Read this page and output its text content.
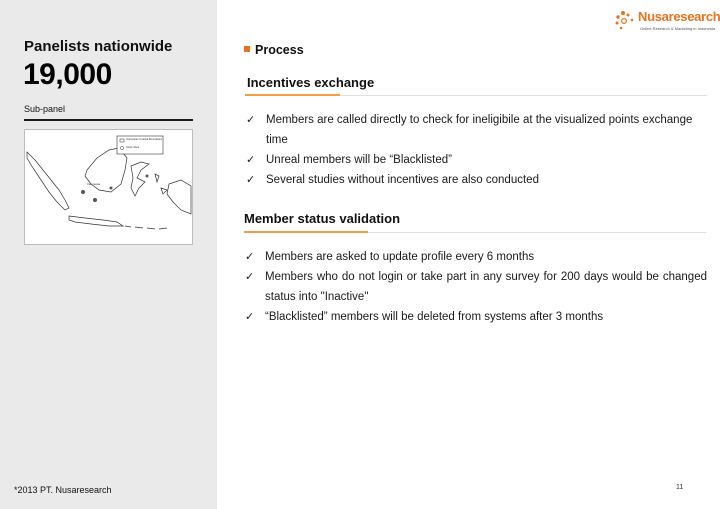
Panelists nationwide
19,000
Sub-panel
Indonesian Coastal Boundaries
Study Sites
Indonesia
*2013 PT. Nusaresearch
Nusaresearch
Online Research & Marketing in Indonesia
Process
Incentives exchange
✓ Members are called directly to check for ineligibile at the visualized points exchange time
✓ Unreal members will be “Blacklisted”
✓ Several studies without incentives are also conducted
Member status validation
✓ Members are asked to update profile every 6 months
✓ Members who do not login or take part in any survey for 200 days would be changed status into "Inactive"
✓ “Blacklisted” members will be deleted from systems after 3 months
11
